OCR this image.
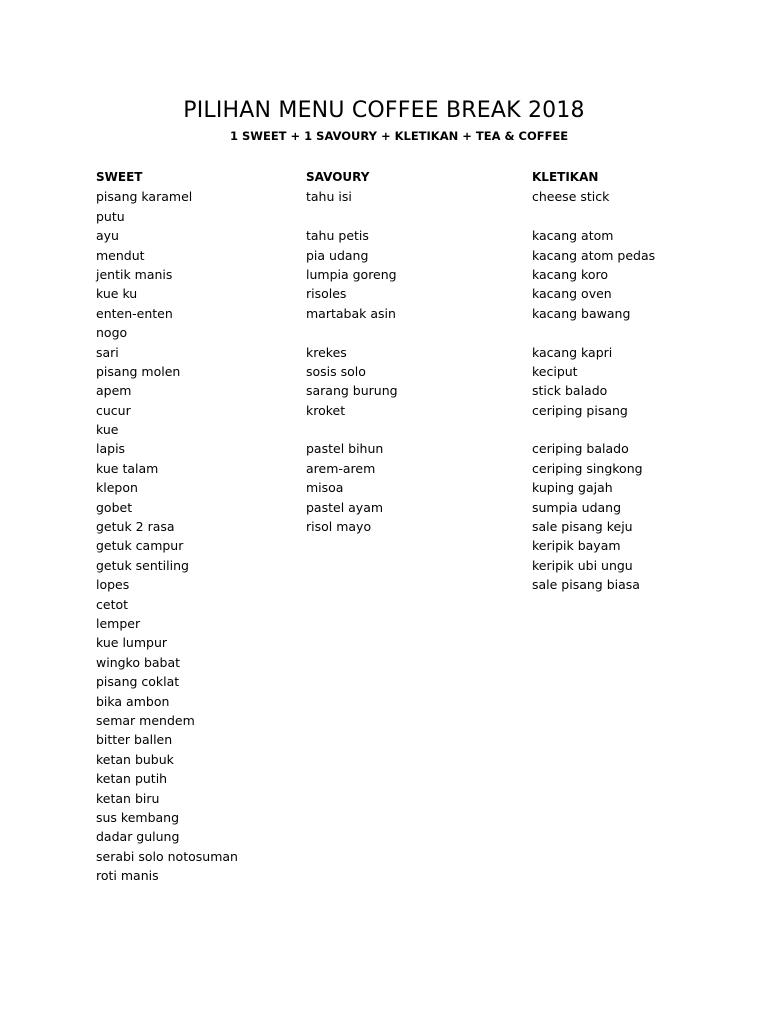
PILIHAN MENU COFFEE BREAK 2018
1 SWEET + 1 SAVOURY + KLETIKAN + TEA & COFFEE
SWEET
pisang karamel
putu
ayu
mendut
jentik manis
kue ku
enten-enten
nogo
sari
pisang molen
apem
cucur
kue
lapis
kue talam
klepon
gobet
getuk 2 rasa
getuk campur
getuk sentiling
lopes
cetot
lemper
kue lumpur
wingko babat
pisang coklat
bika ambon
semar mendem
bitter ballen
ketan bubuk
ketan putih
ketan biru
sus kembang
dadar gulung
serabi solo notosuman
roti manis
SAVOURY
tahu isi
tahu petis
pia udang
lumpia goreng
risoles
martabak asin
krekes
sosis solo
sarang burung
kroket
pastel bihun
arem-arem
misoa
pastel ayam
risol mayo
KLETIKAN
cheese stick
kacang atom
kacang atom pedas
kacang koro
kacang oven
kacang bawang
kacang kapri
keciput
stick balado
ceriping pisang
ceriping balado
ceriping singkong
kuping gajah
sumpia udang
sale pisang keju
keripik bayam
keripik ubi ungu
sale pisang biasa
